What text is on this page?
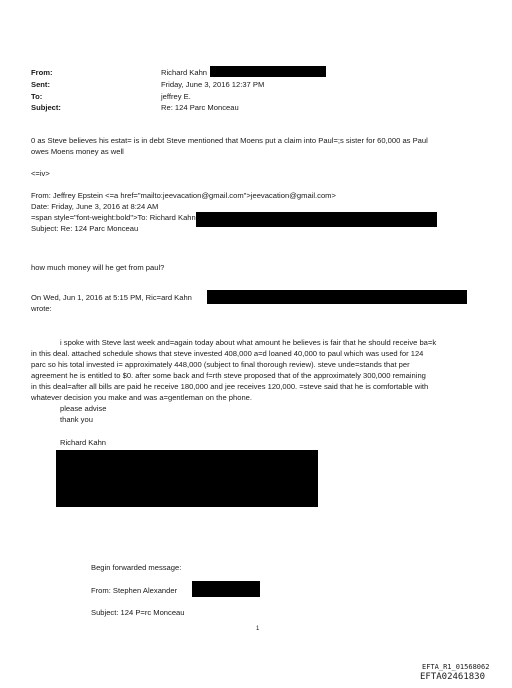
From:
Sent:
To:
Subject:
Richard Kahn
Friday, June 3, 2016 12:37 PM
jeffrey E.
Re: 124 Parc Monceau
0 as Steve believes his estat= is in debt Steve mentioned that Moens put a claim into Paul=;s sister for 60,000 as Paul
owes Moens money as well
<=iv>
From: Jeffrey Epstein <=a href="mailto:jeevacation@gmail.com">jeevacation@gmail.com>
Date: Friday, June 3, 2016 at 8:24 AM
=span style="font-weight:bold">To: Richard Kahn
Subject: Re: 124 Parc Monceau
how much money will he get from paul?
On Wed, Jun 1, 2016 at 5:15 PM, Ric=ard Kahn
wrote:
i spoke with Steve last week and=again today about what amount he believes is fair that he should receive ba=k
in this deal. attached schedule shows that steve invested 408,000 a=d loaned 40,000 to paul which was used for 124
parc so his total invested i= approximately 448,000 (subject to final thorough review). steve unde=stands that per
agreement he is entitled to $0. after some back and f=rth steve proposed that of the approximately 300,000 remaining
in this deal=after all bills are paid he receive 180,000 and jee receives 120,000. =steve said that he is comfortable with
whatever decision you make and was a=gentleman on the phone.
please advise
thank you
Richard Kahn
Begin forwarded message:
From: Stephen Alexander
Subject: 124 P=rc Monceau
1
EFTA_R1_01568062
EFTA02461830
